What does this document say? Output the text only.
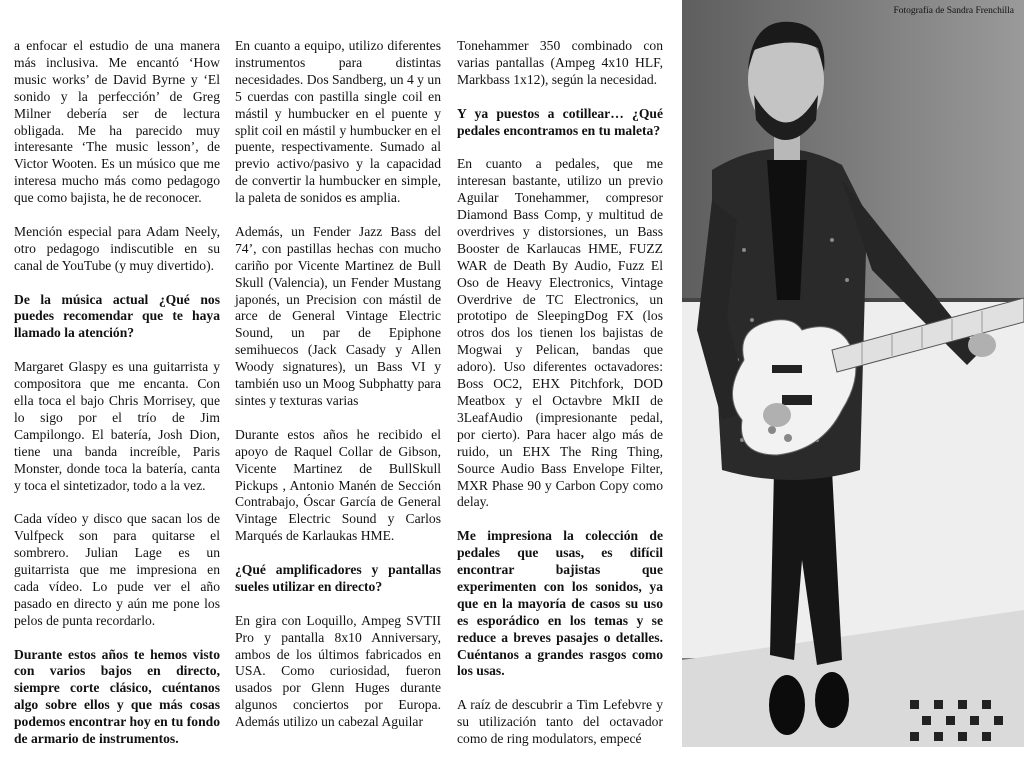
a enfocar el estudio de una manera más inclusiva. Me encantó ‘How music works’ de David Byrne y ‘El sonido y la perfección’ de Greg Milner debería ser de lectura obligada. Me ha parecido muy interesante ‘The music lesson’, de Victor Wooten. Es un músico que me interesa mucho más como pedagogo que como bajista, he de reconocer.

Mención especial para Adam Neely, otro pedagogo indiscutible en su canal de YouTube (y muy divertido).

De la música actual ¿Qué nos puedes recomendar que te haya llamado la atención?

Margaret Glaspy es una guitarrista y compositora que me encanta. Con ella toca el bajo Chris Morrisey, que lo sigo por el trío de Jim Campilongo. El batería, Josh Dion, tiene una banda increíble, Paris Monster, donde toca la batería, canta y toca el sintetizador, todo a la vez.

Cada vídeo y disco que sacan los de Vulfpeck son para quitarse el sombrero. Julian Lage es un guitarrista que me impresiona en cada vídeo. Lo pude ver el año pasado en directo y aún me pone los pelos de punta recordarlo.

Durante estos años te hemos visto con varios bajos en directo, siempre corte clásico, cuéntanos algo sobre ellos y que más cosas podemos encontrar hoy en tu fondo de armario de instrumentos.

En cuanto a equipo, utilizo diferentes instrumentos para distintas necesidades. Dos Sandberg, un 4 y un 5 cuerdas con pastilla single coil en mástil y humbucker en el puente y split coil en mástil y humbucker en el puente, respectivamente. Sumado al previo activo/pasivo y la capacidad de convertir la humbucker en simple, la paleta de sonidos es amplia.

Además, un Fender Jazz Bass del 74’, con pastillas hechas con mucho cariño por Vicente Martinez de Bull Skull (Valencia), un Fender Mustang japonés, un Precision con mástil de arce de General Vintage Electric Sound, un par de Epiphone semihuecos (Jack Casady y Allen Woody signatures), un Bass VI y también uso un Moog Subphatty para sintes y texturas varias

Durante estos años he recibido el apoyo de Raquel Collar de Gibson, Vicente Martinez de BullSkull Pickups , Antonio Manén de Sección Contrabajo, Óscar García de General Vintage Electric Sound y Carlos Marqués de Karlaukas HME.

¿Qué amplificadores y pantallas sueles utilizar en directo?

En gira con Loquillo, Ampeg SVTII Pro y pantalla 8x10 Anniversary, ambos de los últimos fabricados en USA. Como curiosidad, fueron usados por Glenn Huges durante algunos conciertos por Europa. Además utilizo un cabezal Aguilar

Tonehammer 350 combinado con varias pantallas (Ampeg 4x10 HLF, Markbass 1x12), según la necesidad.

Y ya puestos a cotillear… ¿Qué pedales encontramos en tu maleta?

En cuanto a pedales, que me interesan bastante, utilizo un previo Aguilar Tonehammer, compresor Diamond Bass Comp, y multitud de overdrives y distorsiones, un Bass Booster de Karlaucas HME, FUZZ WAR de Death By Audio, Fuzz El Oso de Heavy Electronics, Vintage Overdrive de TC Electronics, un prototipo de SleepingDog FX (los otros dos los tienen los bajistas de Mogwai y Pelican, bandas que adoro). Uso diferentes octavadores: Boss OC2, EHX Pitchfork, DOD Meatbox y el Octavbre MkII de 3LeafAudio (impresionante pedal, por cierto). Para hacer algo más de ruido, un EHX The Ring Thing, Source Audio Bass Envelope Filter, MXR Phase 90 y Carbon Copy como delay.

Me impresiona la colección de pedales que usas, es difícil encontrar bajistas que experimenten con los sonidos, ya que en la mayoría de casos su uso es esporádico en los temas y se reduce a breves pasajes o detalles. Cuéntanos a grandes rasgos como los usas.

A raíz de descubrir a Tim Lefebvre y su utilización tanto del octavador como de ring modulators, empecé

Fotografía de Sandra Frenchilla
